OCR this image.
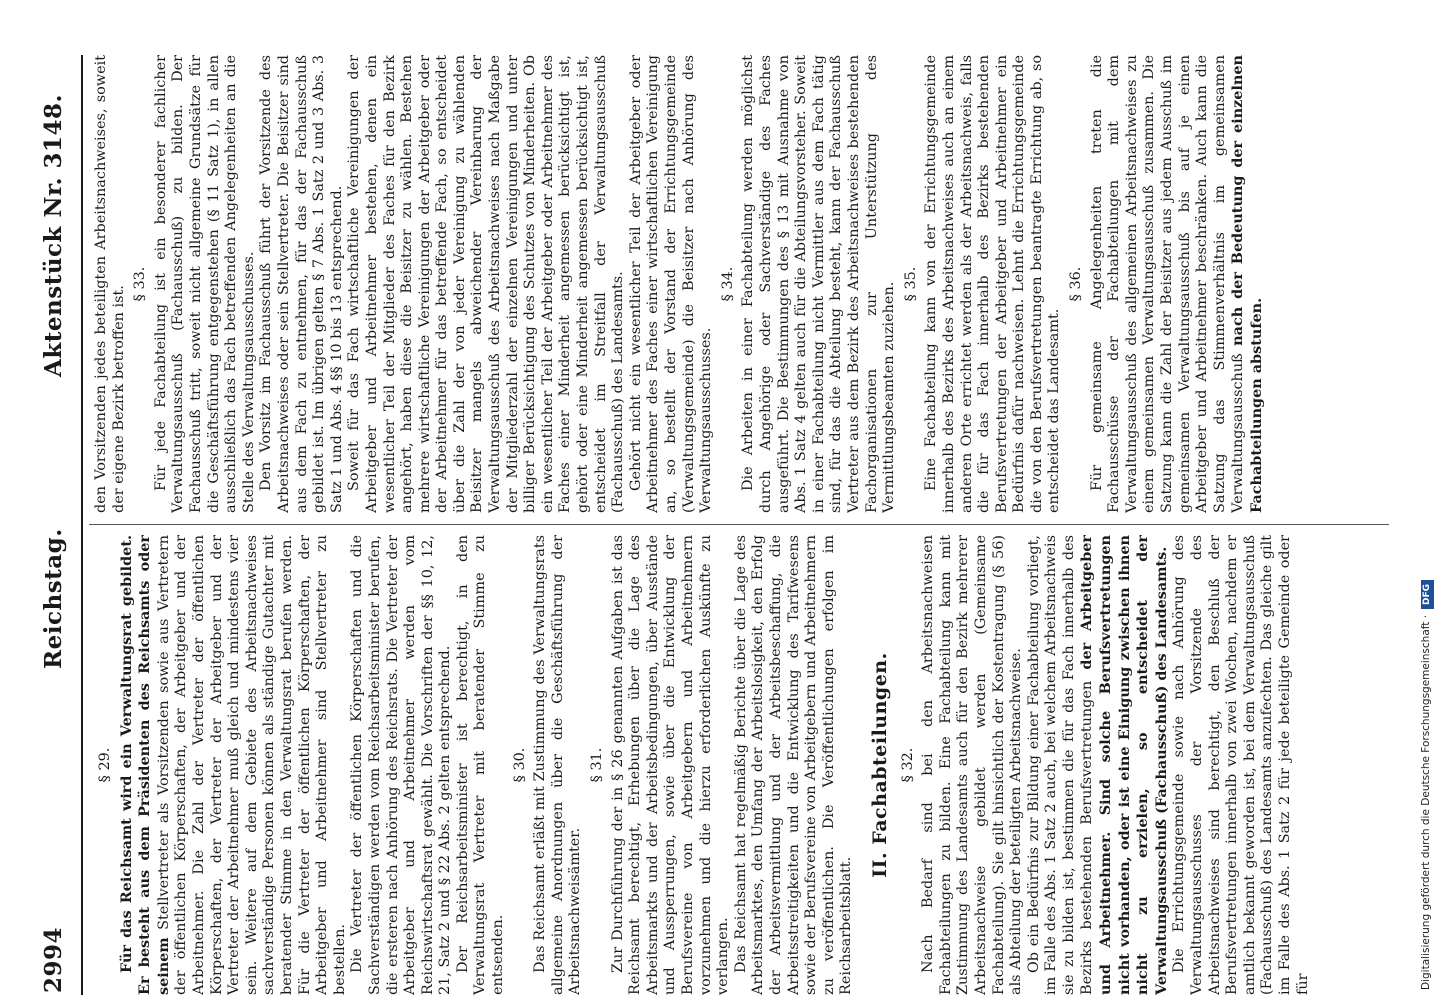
2994
Reichstag.
Aktenstück Nr. 3148.
§ 29. Für das Reichsamt wird ein Verwaltungsrat gebildet. Er besteht aus dem Präsidenten des Reichsamts oder seinem Stellvertreter als Vorsitzenden sowie aus Vertretern der öffentlichen Körperschaften, der Arbeitgeber und der Arbeitnehmer. Die Zahl der Vertreter der öffentlichen Körperschaften, der Vertreter der Arbeitgeber und der Vertreter der Arbeitnehmer muß gleich und mindestens vier sein. Weitere auf dem Gebiete des Arbeitsnachweises sachverständige Personen können als ständige Gutachter mit beratender Stimme in den Verwaltungsrat berufen werden. Für die Vertreter der öffentlichen Körperschaften, der Arbeitgeber und Arbeitnehmer sind Stellvertreter zu bestellen. Die Vertreter der öffentlichen Körperschaften und die Sachverständigen werden vom Reichsarbeitsminister berufen, die ersteren nach Anhörung des Reichsrats. Die Vertreter der Arbeitgeber und Arbeitnehmer werden vom Reichswirtschaftsrat gewählt. Die Vorschriften der §§ 10, 12, 21, Satz 2 und § 22 Abs. 2 gelten entsprechend. Der Reichsarbeitsminister ist berechtigt, in den Verwaltungsrat Vertreter mit beratender Stimme zu entsenden.

§ 30. Das Reichsamt erläßt mit Zustimmung des Verwaltungsrats allgemeine Anordnungen über die Geschäftsführung der Arbeitsnachweisämter.

§ 31. Zur Durchführung der in § 26 genannten Aufgaben ist das Reichsamt berechtigt, Erhebungen über die Lage des Arbeitsmarkts und der Arbeitsbedingungen, über Ausstände und Aussperrungen, sowie über die Entwicklung der Berufsvereine von Arbeitgebern und Arbeitnehmern vorzunehmen und die hierzu erforderlichen Auskünfte zu verlangen. Das Reichsamt hat regelmäßig Berichte über die Lage des Arbeitsmarktes, den Umfang der Arbeitslosigkeit, den Erfolg der Arbeitsvermittlung und der Arbeitsbeschaffung, die Arbeitsstreitigkeiten und die Entwicklung des Tarifwesens sowie der Berufsvereine von Arbeitgebern und Arbeitnehmern zu veröffentlichen. Die Veröffentlichungen erfolgen im Reichsarbeitsblatt.

II. Fachabteilungen. § 32. Nach Bedarf sind bei den Arbeitsnachweisen Fachabteilungen zu bilden. Eine Fachabteilung kann mit Zustimmung des Landesamts auch für den Bezirk mehrerer Arbeitsnachweise gebildet werden (Gemeinsame Fachabteilung). Sie gilt hinsichtlich der Kostentragung (§ 56) als Abteilung der beteiligten Arbeitsnachweise. Ob ein Bedürfnis zur Bildung einer Fachabteilung vorliegt, im Falle des Abs. 1 Satz 2 auch, bei welchem Arbeitsnachweis sie zu bilden ist, bestimmen die für das Fach innerhalb des Bezirks bestehenden Berufsvertretungen der Arbeitgeber und Arbeitnehmer. Sind solche Berufsvertretungen nicht vorhanden, oder ist eine Einigung zwischen ihnen nicht zu erzielen, so entscheidet der Verwaltungsausschuß (Fachausschuß) des Landesamts. Die Errichtungsgemeinde sowie nach Anhörung des Verwaltungsausschusses der Vorsitzende des Arbeitsnachweises sind berechtigt, den Beschluß der Berufsvertretungen innerhalb von zwei Wochen, nachdem er amtlich bekannt geworden ist, bei dem Verwaltungsausschuß (Fachausschuß) des Landesamts anzufechten. Das gleiche gilt im Falle des Abs. 1 Satz 2 für jede beteiligte Gemeinde oder für

den Vorsitzenden jedes beteiligten Arbeitsnachweises, soweit der eigene Bezirk betroffen ist.

§ 33. Für jede Fachabteilung ist ein besonderer fachlicher Verwaltungsausschuß (Fachausschuß) zu bilden. Der Fachausschuß tritt, soweit nicht allgemeine Grundsätze für die Geschäftsführung entgegenstehen (§ 11 Satz 1), in allen ausschließlich das Fach betreffenden Angelegenheiten an die Stelle des Verwaltungsausschusses. Den Vorsitz im Fachausschuß führt der Vorsitzende des Arbeitsnachweises oder sein Stellvertreter. Die Beisitzer sind aus dem Fach zu entnehmen, für das der Fachausschuß gebildet ist. Im übrigen gelten § 7 Abs. 1 Satz 2 und 3 Abs. 3 Satz 1 und Abs. 4 §§ 10 bis 13 entsprechend. Soweit für das Fach wirtschaftliche Vereinigungen der Arbeitgeber und Arbeitnehmer bestehen, denen ein wesentlicher Teil der Mitglieder des Faches für den Bezirk angehört, haben diese die Beisitzer zu wählen. Bestehen mehrere wirtschaftliche Vereinigungen der Arbeitgeber oder der Arbeitnehmer für das betreffende Fach, so entscheidet über die Zahl der von jeder Vereinigung zu wählenden Beisitzer mangels abweichender Vereinbarung der Verwaltungsausschuß des Arbeitsnachweises nach Maßgabe der Mitgliederzahl der einzelnen Vereinigungen und unter billiger Berücksichtigung des Schutzes von Minderheiten. Ob ein wesentlicher Teil der Arbeitgeber oder Arbeitnehmer des Faches einer Minderheit angemessen berücksichtigt ist, gehört oder eine Minderheit angemessen berücksichtigt ist, entscheidet im Streitfall der Verwaltungsausschuß (Fachausschuß) des Landesamts. Gehört nicht ein wesentlicher Teil der Arbeitgeber oder Arbeitnehmer des Faches einer wirtschaftlichen Vereinigung an, so bestellt der Vorstand der Errichtungsgemeinde (Verwaltungsgemeinde) die Beisitzer nach Anhörung des Verwaltungsausschusses.

§ 34. Die Arbeiten in einer Fachabteilung werden möglichst durch Angehörige oder Sachverständige des Faches ausgeführt. Die Bestimmungen des § 13 mit Ausnahme von Abs. 1 Satz 4 gelten auch für die Abteilungsvorsteher. Soweit in einer Fachabteilung nicht Vermittler aus dem Fach tätig sind, für das die Abteilung besteht, kann der Fachausschuß Vertreter aus dem Bezirk des Arbeitsnachweises bestehenden Fachorganisationen zur Unterstützung des Vermittlungsbeamten zuziehen. § 35. Eine Fachabteilung kann von der Errichtungsgemeinde innerhalb des Bezirks des Arbeitsnachweises auch an einem anderen Orte errichtet werden als der Arbeitsnachweis, falls die für das Fach innerhalb des Bezirks bestehenden Berufsvertretungen der Arbeitgeber und Arbeitnehmer ein Bedürfnis dafür nachweisen. Lehnt die Errichtungsgemeinde die von den Berufsvertretungen beantragte Errichtung ab, so entscheidet das Landesamt.

§ 36. Für gemeinsame Angelegenheiten treten die Fachausschüsse der Fachabteilungen mit dem Verwaltungsausschuß des allgemeinen Arbeitsnachweises zu einem gemeinsamen Verwaltungsausschuß zusammen. Die Satzung kann die Zahl der Beisitzer aus jedem Ausschuß im gemeinsamen Verwaltungsausschuß bis auf je einen Arbeitgeber und Arbeitnehmer beschränken. Auch kann die Satzung das Stimmenverhältnis im gemeinsamen Verwaltungsausschuß nach der Bedeutung der einzelnen Fachabteilungen abstufen.

Digitalisierung gefördert durch die Deutsche Forschungsgemeinschaft ·DFG
